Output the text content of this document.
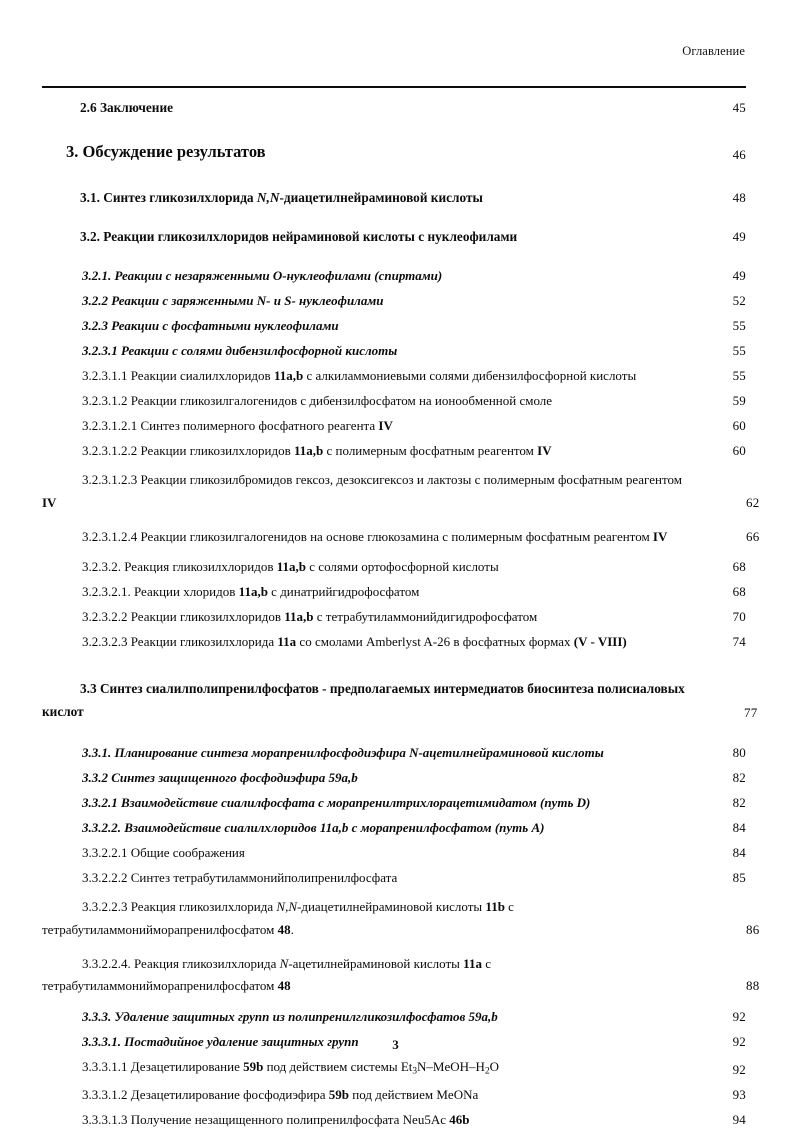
Оглавление
2.6 Заключение	45
3. Обсуждение результатов	46
3.1. Синтез гликозилхлорида N,N-диацетилнейраминовой кислоты	48
3.2. Реакции гликозилхлоридов нейраминовой кислоты с нуклеофилами	49
3.2.1. Реакции с незаряженными О-нуклеофилами (спиртами)	49
3.2.2 Реакции с заряженными N- и S- нуклеофилами	52
3.2.3 Реакции с фосфатными нуклеофилами	55
3.2.3.1 Реакции с солями дибензилфосфорной кислоты	55
3.2.3.1.1 Реакции сиалилхлоридов 11a,b с алкиламмониевыми солями дибензилфосфорной кислоты	55
3.2.3.1.2 Реакции гликозилгалогенидов с дибензилфосфатом на ионообменной смоле	59
3.2.3.1.2.1 Синтез полимерного фосфатного реагента IV	60
3.2.3.1.2.2 Реакции гликозилхлоридов 11a,b с полимерным фосфатным реагентом IV	60
3.2.3.1.2.3 Реакции гликозилбромидов гексоз, дезоксигексоз и лактозы с полимерным фосфатным реагентом IV	62
3.2.3.1.2.4 Реакции гликозилгалогенидов на основе глюкозамина с полимерным фосфатным реагентом IV	66
3.2.3.2. Реакция гликозилхлоридов 11a,b с солями ортофосфорной кислоты	68
3.2.3.2.1. Реакции хлоридов 11a,b с динатрийгидрофосфатом	68
3.2.3.2.2 Реакции гликозилхлоридов 11a,b с тетрабутиламмонийдигидрофосфатом	70
3.2.3.2.3 Реакции гликозилхлорида 11a со смолами Amberlyst A-26 в фосфатных формах (V - VIII)	74
3.3 Синтез сиалилполипренилфосфатов - предполагаемых интермедиатов биосинтеза полисиаловых кислот	77
3.3.1. Планирование синтеза морапренилфосфодиэфира N-ацетилнейраминовой кислоты	80
3.3.2 Синтез защищенного фосфодиэфира 59a,b	82
3.3.2.1 Взаимодействие сиалилфосфата с морапренилтрихлорацетимидатом (путь D)	82
3.3.2.2. Взаимодействие сиалилхлоридов 11a,b с морапренилфосфатом (путь A)	84
3.3.2.2.1 Общие соображения	84
3.3.2.2.2 Синтез тетрабутиламмонийполипренилфосфата	85
3.3.2.2.3 Реакция гликозилхлорида N,N-диацетилнейраминовой кислоты 11b с тетрабутиламмонийморапренилфосфатом 48.	86
3.3.2.2.4. Реакция гликозилхлорида N-ацетилнейраминовой кислоты 11a с тетрабутиламмонийморапренилфосфатом 48	88
3.3.3. Удаление защитных групп из полипренилгликозилфосфатов 59a,b	92
3.3.3.1. Постадийное удаление защитных групп	92
3.3.3.1.1 Дезацетилирование 59b под действием системы $Et_3N-MeOH-H_2O$	92
3.3.3.1.2 Дезацетилирование фосфодиэфира 59b под действием MeONa	93
3.3.3.1.3 Получение незащищенного полипренилфосфата Neu5Ac 46b	94
3
